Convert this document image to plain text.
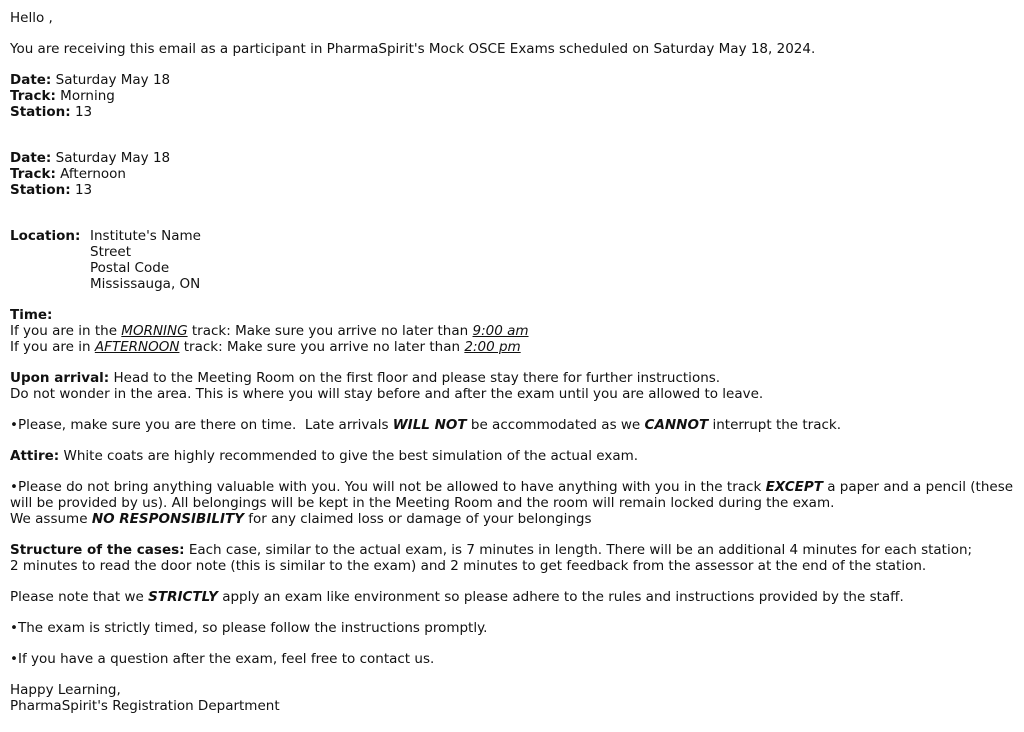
Hello ,

You are receiving this email as a participant in PharmaSpirit's Mock OSCE Exams scheduled on Saturday May 18, 2024.

Date: Saturday May 18

Track: Morning

Station: 13

Date: Saturday May 18

Track: Afternoon

Station: 13

Location: Institute's Name

Street

Postal Code

Mississauga, ON

Time:

If you are in the MORNING track: Make sure you arrive no later than 9:00 am

If you are in AFTERNOON track: Make sure you arrive no later than 2:00 pm

Upon arrival: Head to the Meeting Room on the first floor and please stay there for further instructions.

Do not wonder in the area. This is where you will stay before and after the exam until you are allowed to leave.

•Please, make sure you are there on time.  Late arrivals WILL NOT be accommodated as we CANNOT interrupt the track.

Attire: White coats are highly recommended to give the best simulation of the actual exam.

•Please do not bring anything valuable with you. You will not be allowed to have anything with you in the track EXCEPT a paper and a pencil (these will be provided by us). All belongings will be kept in the Meeting Room and the room will remain locked during the exam.

We assume NO RESPONSIBILITY for any claimed loss or damage of your belongings

Structure of the cases: Each case, similar to the actual exam, is 7 minutes in length. There will be an additional 4 minutes for each station;

2 minutes to read the door note (this is similar to the exam) and 2 minutes to get feedback from the assessor at the end of the station.

Please note that we STRICTLY apply an exam like environment so please adhere to the rules and instructions provided by the staff.

•The exam is strictly timed, so please follow the instructions promptly.

•If you have a question after the exam, feel free to contact us.

Happy Learning,

PharmaSpirit's Registration Department
